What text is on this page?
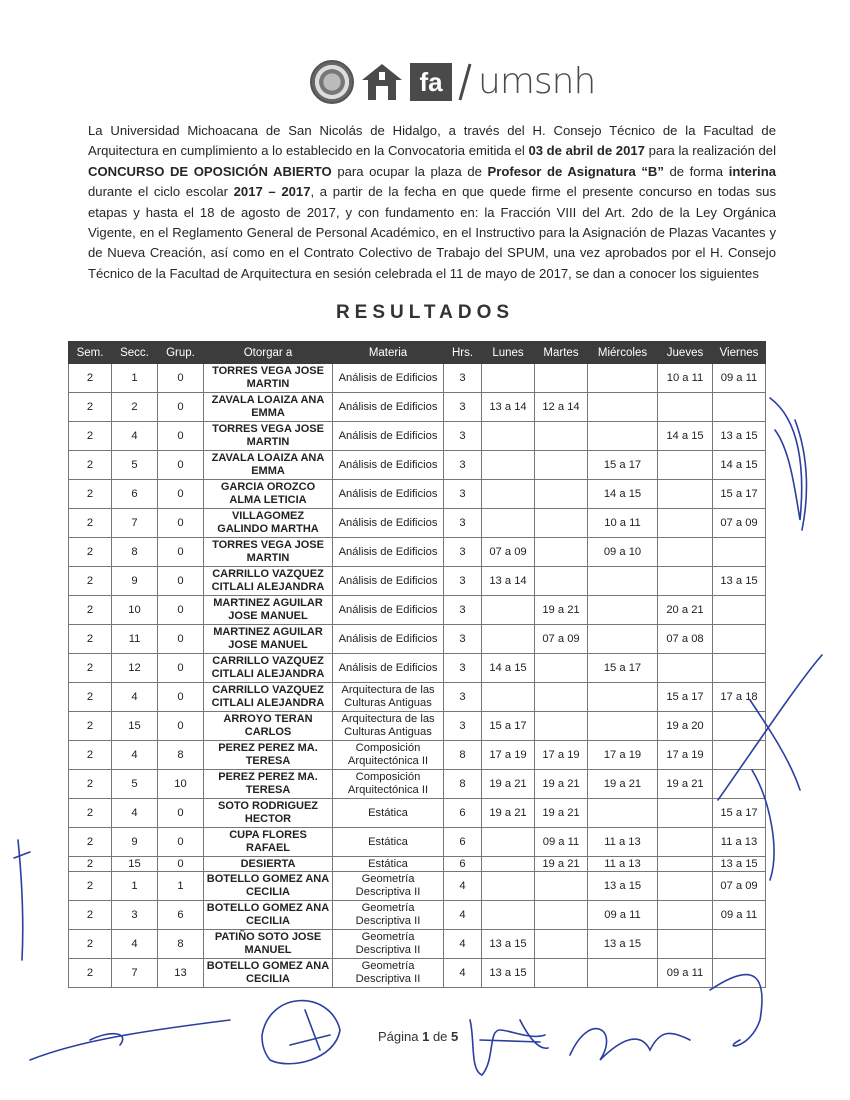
fa umsnh
La Universidad Michoacana de San Nicolás de Hidalgo, a través del H. Consejo Técnico de la Facultad de Arquitectura en cumplimiento a lo establecido en la Convocatoria emitida el 03 de abril de 2017 para la realización del CONCURSO DE OPOSICIÓN ABIERTO para ocupar la plaza de Profesor de Asignatura “B” de forma interina durante el ciclo escolar 2017 – 2017, a partir de la fecha en que quede firme el presente concurso en todas sus etapas y hasta el 18 de agosto de 2017, y con fundamento en: la Fracción VIII del Art. 2do de la Ley Orgánica Vigente, en el Reglamento General de Personal Académico, en el Instructivo para la Asignación de Plazas Vacantes y de Nueva Creación, así como en el Contrato Colectivo de Trabajo del SPUM, una vez aprobados por el H. Consejo Técnico de la Facultad de Arquitectura en sesión celebrada el 11 de mayo de 2017, se dan a conocer los siguientes
RESULTADOS
Sem.	Secc.	Grup.	Otorgar a	Materia	Hrs.	Lunes	Martes	Miércoles	Jueves	Viernes
2	1	0	TORRES VEGA JOSE MARTIN	Análisis de Edificios	3				10 a 11	09 a 11
2	2	0	ZAVALA LOAIZA ANA EMMA	Análisis de Edificios	3	13 a 14	12 a 14			
2	4	0	TORRES VEGA JOSE MARTIN	Análisis de Edificios	3				14 a 15	13 a 15
2	5	0	ZAVALA LOAIZA ANA EMMA	Análisis de Edificios	3			15 a 17		14 a 15
2	6	0	GARCIA OROZCO ALMA LETICIA	Análisis de Edificios	3			14 a 15		15 a 17
2	7	0	VILLAGOMEZ GALINDO MARTHA	Análisis de Edificios	3			10 a 11		07 a 09
2	8	0	TORRES VEGA JOSE MARTIN	Análisis de Edificios	3	07 a 09		09 a 10		
2	9	0	CARRILLO VAZQUEZ CITLALI ALEJANDRA	Análisis de Edificios	3	13 a 14				13 a 15
2	10	0	MARTINEZ AGUILAR JOSE MANUEL	Análisis de Edificios	3		19 a 21		20 a 21	
2	11	0	MARTINEZ AGUILAR JOSE MANUEL	Análisis de Edificios	3		07 a 09		07 a 08	
2	12	0	CARRILLO VAZQUEZ CITLALI ALEJANDRA	Análisis de Edificios	3	14 a 15		15 a 17		
2	4	0	CARRILLO VAZQUEZ CITLALI ALEJANDRA	Arquitectura de las Culturas Antiguas	3				15 a 17	17 a 18
2	15	0	ARROYO TERAN CARLOS	Arquitectura de las Culturas Antiguas	3	15 a 17			19 a 20	
2	4	8	PEREZ PEREZ MA. TERESA	Composición Arquitectónica II	8	17 a 19	17 a 19	17 a 19	17 a 19	
2	5	10	PEREZ PEREZ MA. TERESA	Composición Arquitectónica II	8	19 a 21	19 a 21	19 a 21	19 a 21	
2	4	0	SOTO RODRIGUEZ HECTOR	Estática	6	19 a 21	19 a 21			15 a 17
2	9	0	CUPA FLORES RAFAEL	Estática	6		09 a 11	11 a 13		11 a 13
2	15	0	DESIERTA	Estática	6		19 a 21	11 a 13		13 a 15
2	1	1	BOTELLO GOMEZ ANA CECILIA	Geometría Descriptiva II	4			13 a 15		07 a 09
2	3	6	BOTELLO GOMEZ ANA CECILIA	Geometría Descriptiva II	4			09 a 11		09 a 11
2	4	8	PATIÑO SOTO JOSE MANUEL	Geometría Descriptiva II	4	13 a 15		13 a 15		
2	7	13	BOTELLO GOMEZ ANA CECILIA	Geometría Descriptiva II	4	13 a 15			09 a 11	
Página 1 de 5
